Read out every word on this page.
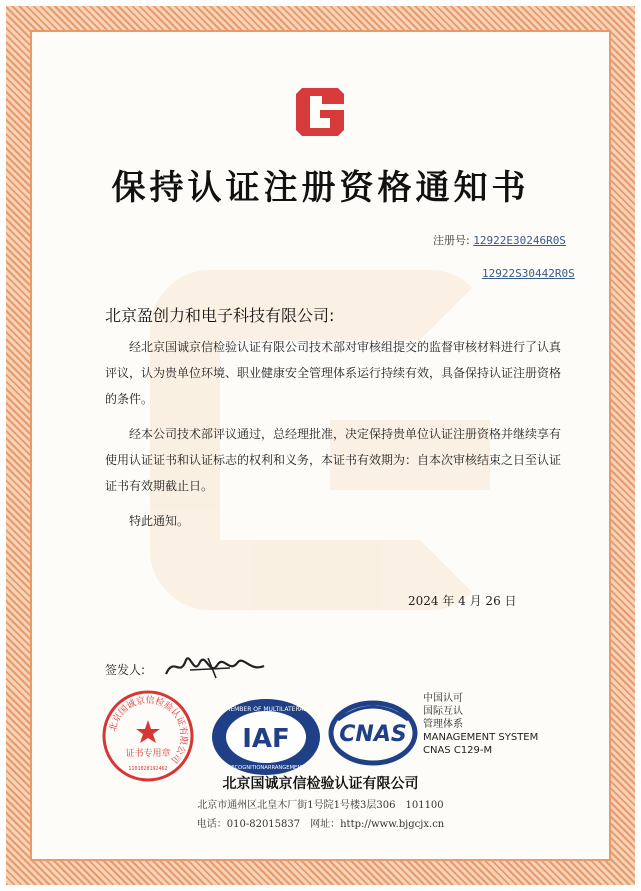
保持认证注册资格通知书
注册号: 12922E30246R0S
12922S30442R0S
北京盈创力和电子科技有限公司:

经北京国诚京信检验认证有限公司技术部对审核组提交的监督审核材料进行了认真评议，认为贵单位环境、职业健康安全管理体系运行持续有效，具备保持认证注册资格的条件。

经本公司技术部评议通过，总经理批准，决定保持贵单位认证注册资格并继续享有使用认证证书和认证标志的权利和义务，本证书有效期为：自本次审核结束之日至认证证书有效期截止日。

特此通知。

2024 年 4 月 26 日
签发人:
北京国诚京信检验认证有限公司
证书专用章
1101028192462
MEMBER OF MULTILATERAL
IAF
RECOGNITIONARRANGEMENT
CNAS
中国认可
国际互认
管理体系
MANAGEMENT SYSTEM
CNAS C129-M
北京国诚京信检验认证有限公司
北京市通州区北皇木厂街1号院1号楼3层306　101100
电话：010-82015837　网址：http://www.bjgcjx.cn
